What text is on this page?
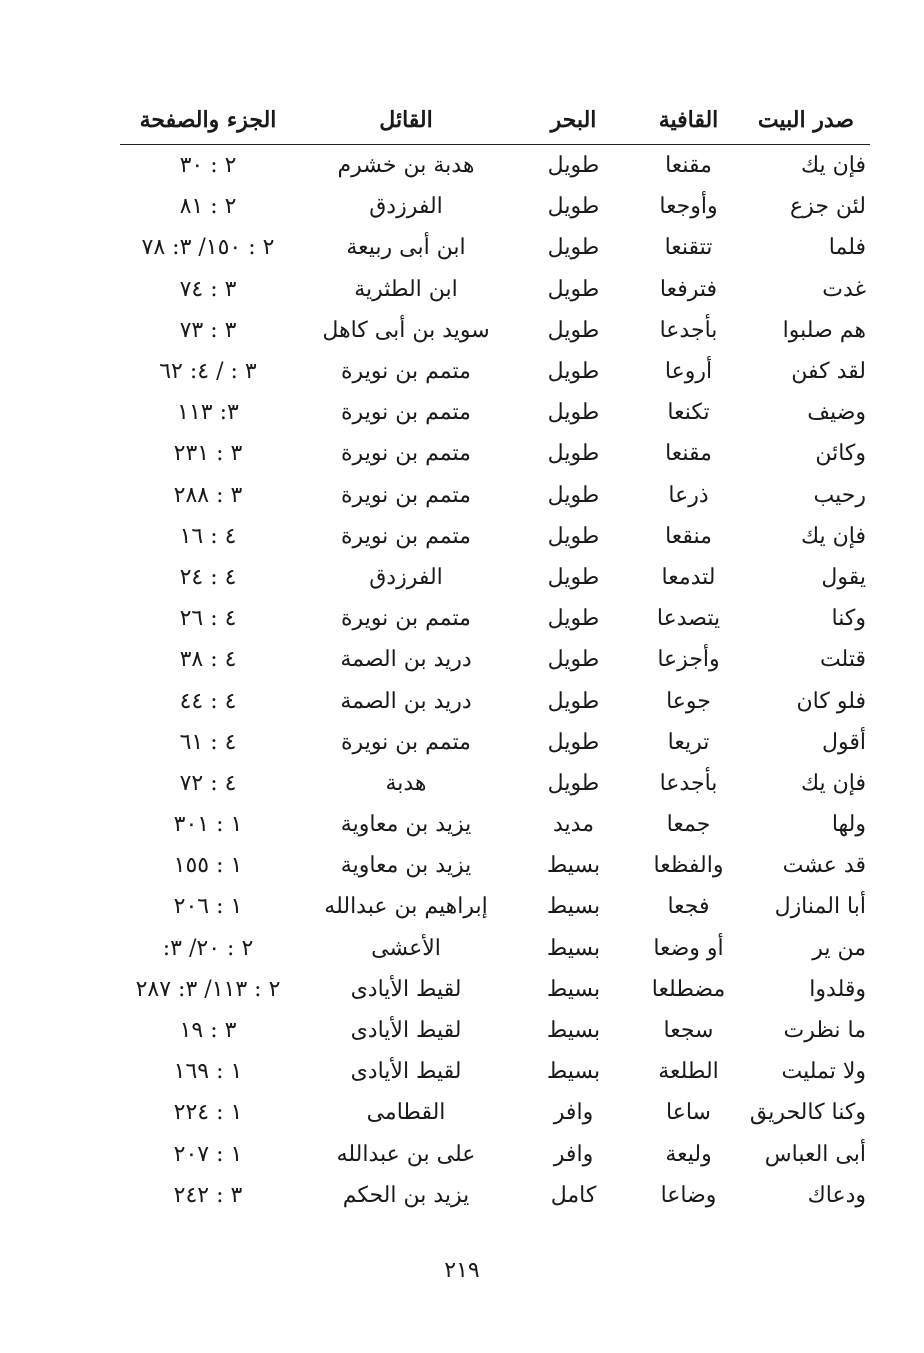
صدر البيت
القافية
البحر
القائل
الجزء والصفحة
فإن يك
مقنعا
طويل
هدبة بن خشرم
٢ : ٣٠
لئن جزع
وأوجعا
طويل
الفرزدق
٢ : ٨١
فلما
تتقنعا
طويل
ابن أبى ربيعة
٢ : ١٥٠/ ٣: ٧٨
غدت
فترفعا
طويل
ابن الطثرية
٣ : ٧٤
هم صلبوا
بأجدعا
طويل
سويد بن أبى كاهل
٣ : ٧٣
لقد كفن
أروعا
طويل
متمم بن نويرة
٣ : / ٤: ٦٢
وضيف
تكنعا
طويل
متمم بن نويرة
٣: ١١٣
وكائن
مقنعا
طويل
متمم بن نويرة
٣ : ٢٣١
رحيب
ذرعا
طويل
متمم بن نويرة
٣ : ٢٨٨
فإن يك
منقعا
طويل
متمم بن نويرة
٤ : ١٦
يقول
لتدمعا
طويل
الفرزدق
٤ : ٢٤
وكنا
يتصدعا
طويل
متمم بن نويرة
٤ : ٢٦
قتلت
وأجزعا
طويل
دريد بن الصمة
٤ : ٣٨
فلو كان
جوعا
طويل
دريد بن الصمة
٤ : ٤٤
أقول
تريعا
طويل
متمم بن نويرة
٤ : ٦١
فإن يك
بأجدعا
طويل
هدبة
٤ : ٧٢
ولها
جمعا
مديد
يزيد بن معاوية
١ : ٣٠١
قد عشت
والفظعا
بسيط
يزيد بن معاوية
١ : ١٥٥
أبا المنازل
فجعا
بسيط
إبراهيم بن عبدالله
١ : ٢٠٦
من ير
أو وضعا
بسيط
الأعشى
٢ : ٢٠/ ٣:
وقلدوا
مضطلعا
بسيط
لقيط الأيادى
٢ : ١١٣/ ٣: ٢٨٧
ما نظرت
سجعا
بسيط
لقيط الأيادى
٣ : ١٩
ولا تمليت
الطلعة
بسيط
لقيط الأيادى
١ : ١٦٩
وكنا كالحريق
ساعا
وافر
القطامى
١ : ٢٢٤
أبى العباس
وليعة
وافر
على بن عبدالله
١ : ٢٠٧
ودعاك
وضاعا
كامل
يزيد بن الحكم
٣ : ٢٤٢
٢١٩
